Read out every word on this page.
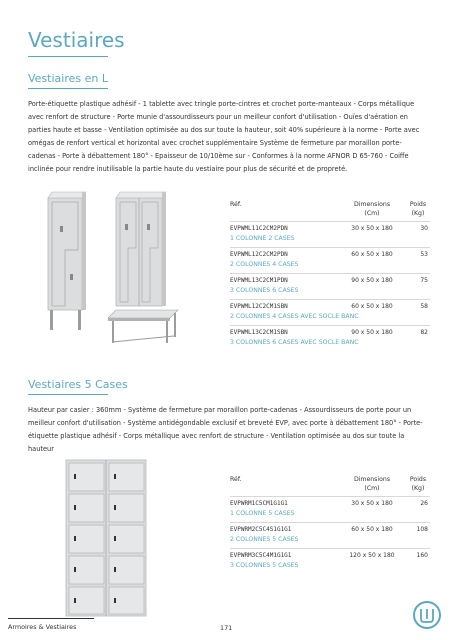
Vestiaires
Vestiaires en L
Porte-étiquette plastique adhésif - 1 tablette avec tringle porte-cintres et crochet porte-manteaux - Corps métallique avec renfort de structure - Porte munie d'assourdisseurs pour un meilleur confort d'utilisation - Ouïes d'aération en parties haute et basse - Ventilation optimisée au dos sur toute la hauteur, soit 40% supérieure à la norme - Porte avec omégas de renfort vertical et horizontal avec crochet supplémentaire Système de fermeture par moraillon porte-cadenas - Porte à débattement 180° - Epaisseur de 10/10ème sur - Conformes à la norme AFNOR D 65-760 - Coiffe inclinée pour rendre inutilisable la partie haute du vestiaire pour plus de sécurité et de propreté.
Réf.	Dimensions
(Cm)
Poids
(Kg)
EVPWML11C2CM2PDN	30 x 50 x 180	30
1 COLONNE 2 CASES
EVPWML12C2CM2PDN	60 x 50 x 180	53
2 COLONNES 4 CASES
EVPWML13C2CM1PDN	90 x 50 x 180	75
3 COLONNES 6 CASES
EVPWML12C2CM1SBN	60 x 50 x 180	58
2 COLONNES 4 CASES AVEC SOCLE BANC
EVPWML13C2CM1SBN	90 x 50 x 180	82
3 COLONNES 6 CASES AVEC SOCLE BANC
Vestiaires 5 Cases
Hauteur par casier : 360mm - Système de fermeture par moraillon porte-cadenas - Assourdisseurs de porte pour un meilleur confort d'utilisation - Système antidégondable exclusif et breveté EVP, avec porte à débattement 180° - Porte-étiquette plastique adhésif - Corps métallique avec renfort de structure - Ventilation optimisée au dos sur toute la hauteur
Réf.	Dimensions
(Cm)
Poids
(Kg)
EVPWRM1C5CM1G1G1	30 x 50 x 180	26
1 COLONNE 5 CASES
EVPWRM2C5C4S1G1G1	60 x 50 x 180	108
2 COLONNES 5 CASES
EVPWRM3C5C4M1G1G1	120 x 50 x 180	160
3 COLONNES 5 CASES
Armoires & Vestiaires	171
